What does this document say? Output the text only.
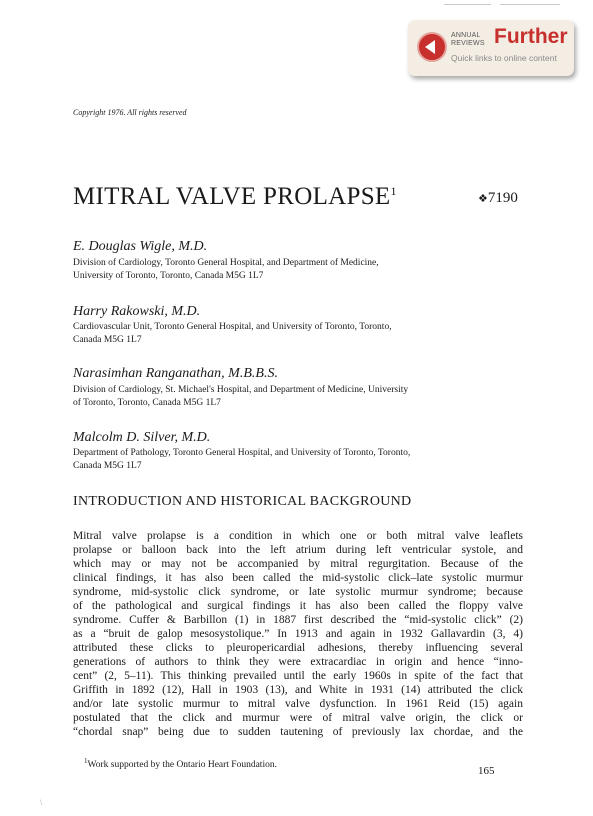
ANNUAL
REVIEWS Further
Quick links to online content
Copyright 1976. All rights reserved
MITRAL VALVE PROLAPSE$^1$
❖7190
E. Douglas Wigle, M.D.
Division of Cardiology, Toronto General Hospital, and Department of Medicine,
University of Toronto, Toronto, Canada M5G 1L7
Harry Rakowski, M.D.
Cardiovascular Unit, Toronto General Hospital, and University of Toronto, Toronto,
Canada M5G 1L7
Narasimhan Ranganathan, M.B.B.S.
Division of Cardiology, St. Michael's Hospital, and Department of Medicine, University
of Toronto, Toronto, Canada M5G 1L7
Malcolm D. Silver, M.D.
Department of Pathology, Toronto General Hospital, and University of Toronto, Toronto,
Canada M5G 1L7
INTRODUCTION AND HISTORICAL BACKGROUND
Mitral valve prolapse is a condition in which one or both mitral valve leaflets
prolapse or balloon back into the left atrium during left ventricular systole, and
which may or may not be accompanied by mitral regurgitation. Because of the
clinical findings, it has also been called the mid-systolic click–late systolic murmur
syndrome, mid-systolic click syndrome, or late systolic murmur syndrome; because
of the pathological and surgical findings it has also been called the floppy valve
syndrome. Cuffer & Barbillon (1) in 1887 first described the “mid-systolic click” (2)
as a “bruit de galop mesosystolique.” In 1913 and again in 1932 Gallavardin (3, 4)
attributed these clicks to pleuropericardial adhesions, thereby influencing several
generations of authors to think they were extracardiac in origin and hence “inno-
cent” (2, 5–11). This thinking prevailed until the early 1960s in spite of the fact that
Griffith in 1892 (12), Hall in 1903 (13), and White in 1931 (14) attributed the click
and/or late systolic murmur to mitral valve dysfunction. In 1961 Reid (15) again
postulated that the click and murmur were of mitral valve origin, the click or
“chordal snap” being due to sudden tautening of previously lax chordae, and the
$^1$Work supported by the Ontario Heart Foundation.	165
\
